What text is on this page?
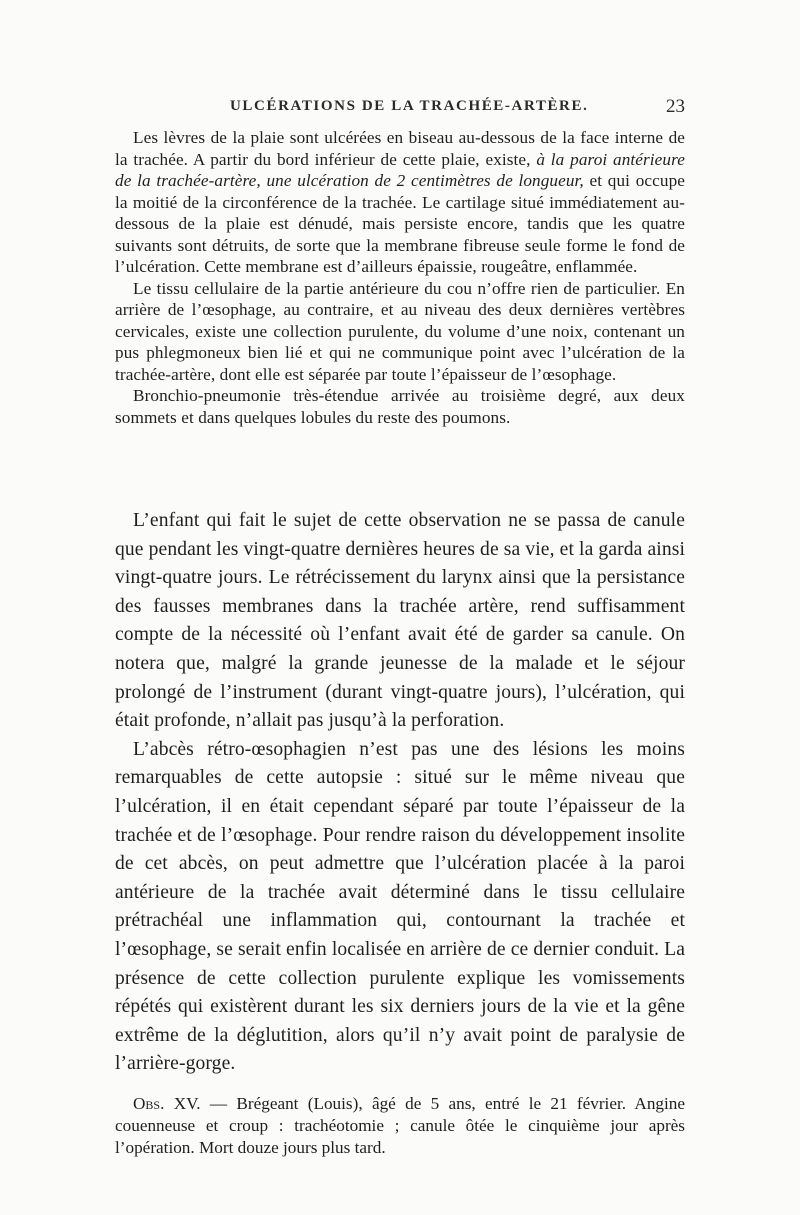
ULCÉRATIONS DE LA TRACHÉE-ARTÈRE.	23

Les lèvres de la plaie sont ulcérées en biseau au-dessous de la face interne de la trachée. A partir du bord inférieur de cette plaie, existe, à la paroi antérieure de la trachée-artère, une ulcération de 2 centimètres de longueur, et qui occupe la moitié de la circonférence de la trachée. Le cartilage situé immédiatement au-dessous de la plaie est dénudé, mais persiste encore, tandis que les quatre suivants sont détruits, de sorte que la membrane fibreuse seule forme le fond de l’ulcération. Cette membrane est d’ailleurs épaissie, rougeâtre, enflammée.

Le tissu cellulaire de la partie antérieure du cou n’offre rien de particulier. En arrière de l’œsophage, au contraire, et au niveau des deux dernières vertèbres cervicales, existe une collection purulente, du volume d’une noix, contenant un pus phlegmoneux bien lié et qui ne communique point avec l’ulcération de la trachée-artère, dont elle est séparée par toute l’épaisseur de l’œsophage.

Bronchio-pneumonie très-étendue arrivée au troisième degré, aux deux sommets et dans quelques lobules du reste des poumons.

L’enfant qui fait le sujet de cette observation ne se passa de canule que pendant les vingt-quatre dernières heures de sa vie, et la garda ainsi vingt-quatre jours. Le rétrécissement du larynx ainsi que la persistance des fausses membranes dans la trachée artère, rend suffisamment compte de la nécessité où l’enfant avait été de garder sa canule. On notera que, malgré la grande jeunesse de la malade et le séjour prolongé de l’instrument (durant vingt-quatre jours), l’ulcération, qui était profonde, n’allait pas jusqu’à la perforation.

L’abcès rétro-œsophagien n’est pas une des lésions les moins remarquables de cette autopsie : situé sur le même niveau que l’ulcération, il en était cependant séparé par toute l’épaisseur de la trachée et de l’œsophage. Pour rendre raison du développement insolite de cet abcès, on peut admettre que l’ulcération placée à la paroi antérieure de la trachée avait déterminé dans le tissu cellulaire prétrachéal une inflammation qui, contournant la trachée et l’œsophage, se serait enfin localisée en arrière de ce dernier conduit. La présence de cette collection purulente explique les vomissements répétés qui existèrent durant les six derniers jours de la vie et la gêne extrême de la déglutition, alors qu’il n’y avait point de paralysie de l’arrière-gorge.

Obs. XV. — Brégeant (Louis), âgé de 5 ans, entré le 21 février. Angine couenneuse et croup : trachéotomie ; canule ôtée le cinquième jour après l’opération. Mort douze jours plus tard.
